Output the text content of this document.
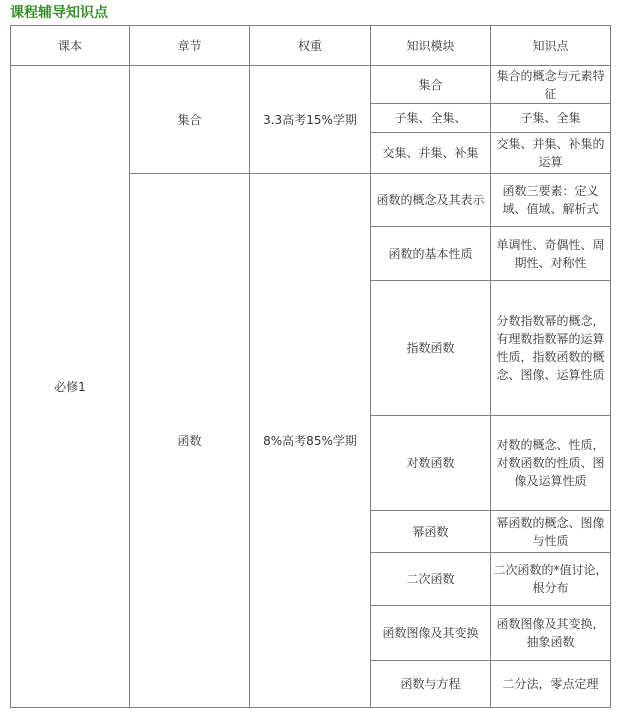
课程辅导知识点
课本	章节	权重	知识模块	知识点
必修1	集合	3.3高考15%学期	集合	集合的概念与元素特征
			子集、全集、	子集、全集
			交集、并集、补集	交集、并集、补集的运算
	函数	8%高考85%学期	函数的概念及其表示	函数三要素：定义域、值域、解析式
			函数的基本性质	单调性、奇偶性、周期性、对称性
			指数函数	分数指数幂的概念，有理数指数幂的运算性质，指数函数的概念、图像、运算性质
			对数函数	对数的概念、性质，对数函数的性质、图像及运算性质
			幂函数	幂函数的概念、图像与性质
			二次函数	二次函数的*值讨论，根分布
			函数图像及其变换	函数图像及其变换，抽象函数
			函数与方程	二分法，零点定理
